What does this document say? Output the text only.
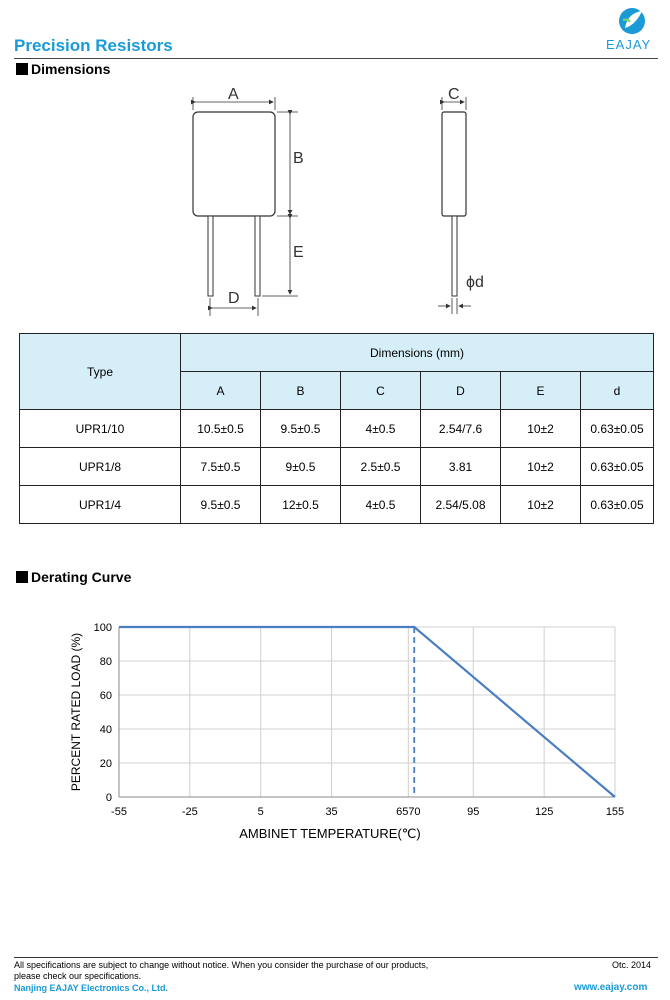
Precision Resistors	EAJAY
Dimensions
A
B
E
D
C
ϕd
Type	Dimensions (mm)					
	A	B	C	D	E	d
UPR1/10	10.5±0.5	9.5±0.5	4±0.5	2.54/7.6	10±2	0.63±0.05
UPR1/8	7.5±0.5	9±0.5	2.5±0.5	3.81	10±2	0.63±0.05
UPR1/4	9.5±0.5	12±0.5	4±0.5	2.54/5.08	10±2	0.63±0.05
Derating Curve
0
20
40
60
80
100
-55	-25	5	35	6570	95	125	155
AMBINET TEMPERATURE(℃)
PERCENT RATED LOAD (%)
All specifications are subject to change without notice. When you consider the purchase of our products,
please check our specifications.
Otc. 2014
Nanjing EAJAY Electronics Co., Ltd.	www.eajay.com
